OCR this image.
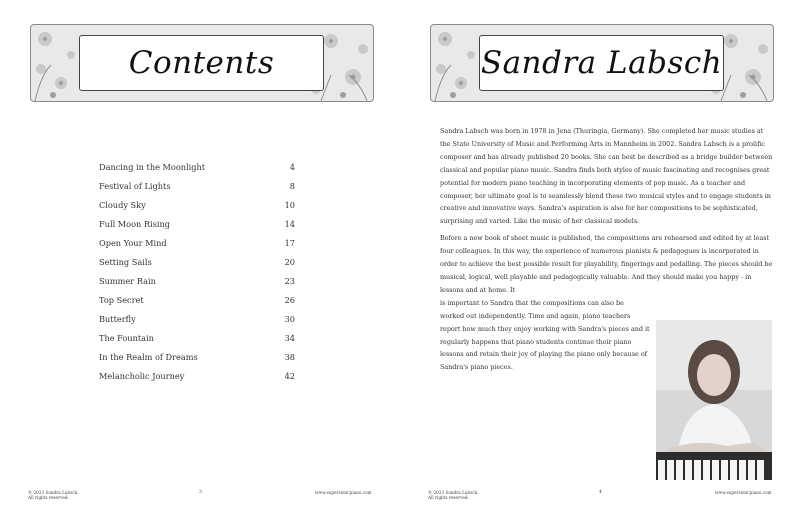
Contents
Dancing in the Moonlight	4
Festival of Lights	8
Cloudy Sky	10
Full Moon Rising	14
Open Your Mind	17
Setting Sails	20
Summer Rain	23
Top Secret	26
Butterfly	30
The Fountain	34
In the Realm of Dreams	38
Melancholic Journey	42
© 2023 Sandra Labsch.
All rights reserved.
3	www.supersonicpiano.com
Sandra Labsch

Sandra Labsch was born in 1978 in Jena (Thuringia, Germany). She completed her music studies at the State University of Music and Performing Arts in Mannheim in 2002. Sandra Labsch is a prolific composer and has already published 20 books. She can best be described as a bridge builder between classical and popular piano music. Sandra finds both styles of music fascinating and recognises great potential for modern piano teaching in incorporating elements of pop music. As a teacher and composer, her ultimate goal is to seamlessly blend these two musical styles and to engage students in creative and innovative ways. Sandra's aspiration is also for her compositions to be sophisticated, surprising and varied. Like the music of her classical models.

Before a new book of sheet music is published, the compositions are rehearsed and edited by at least four colleagues. In this way, the experience of numerous pianists & pedagogues is incorporated in order to achieve the best possible result for playability, fingerings and pedalling. The pieces should be musical, logical, well playable and pedagogically valuable. And they should make you happy - in lessons and at home. It

is important to Sandra that the compositions can also be worked out independently. Time and again, piano teachers report how much they enjoy working with Sandra's pieces and it regularly happens that piano students continue their piano lessons and retain their joy of playing the piano only because of Sandra's piano pieces.

© 2023 Sandra Labsch.
All rights reserved.
4	www.supersonicpiano.com
